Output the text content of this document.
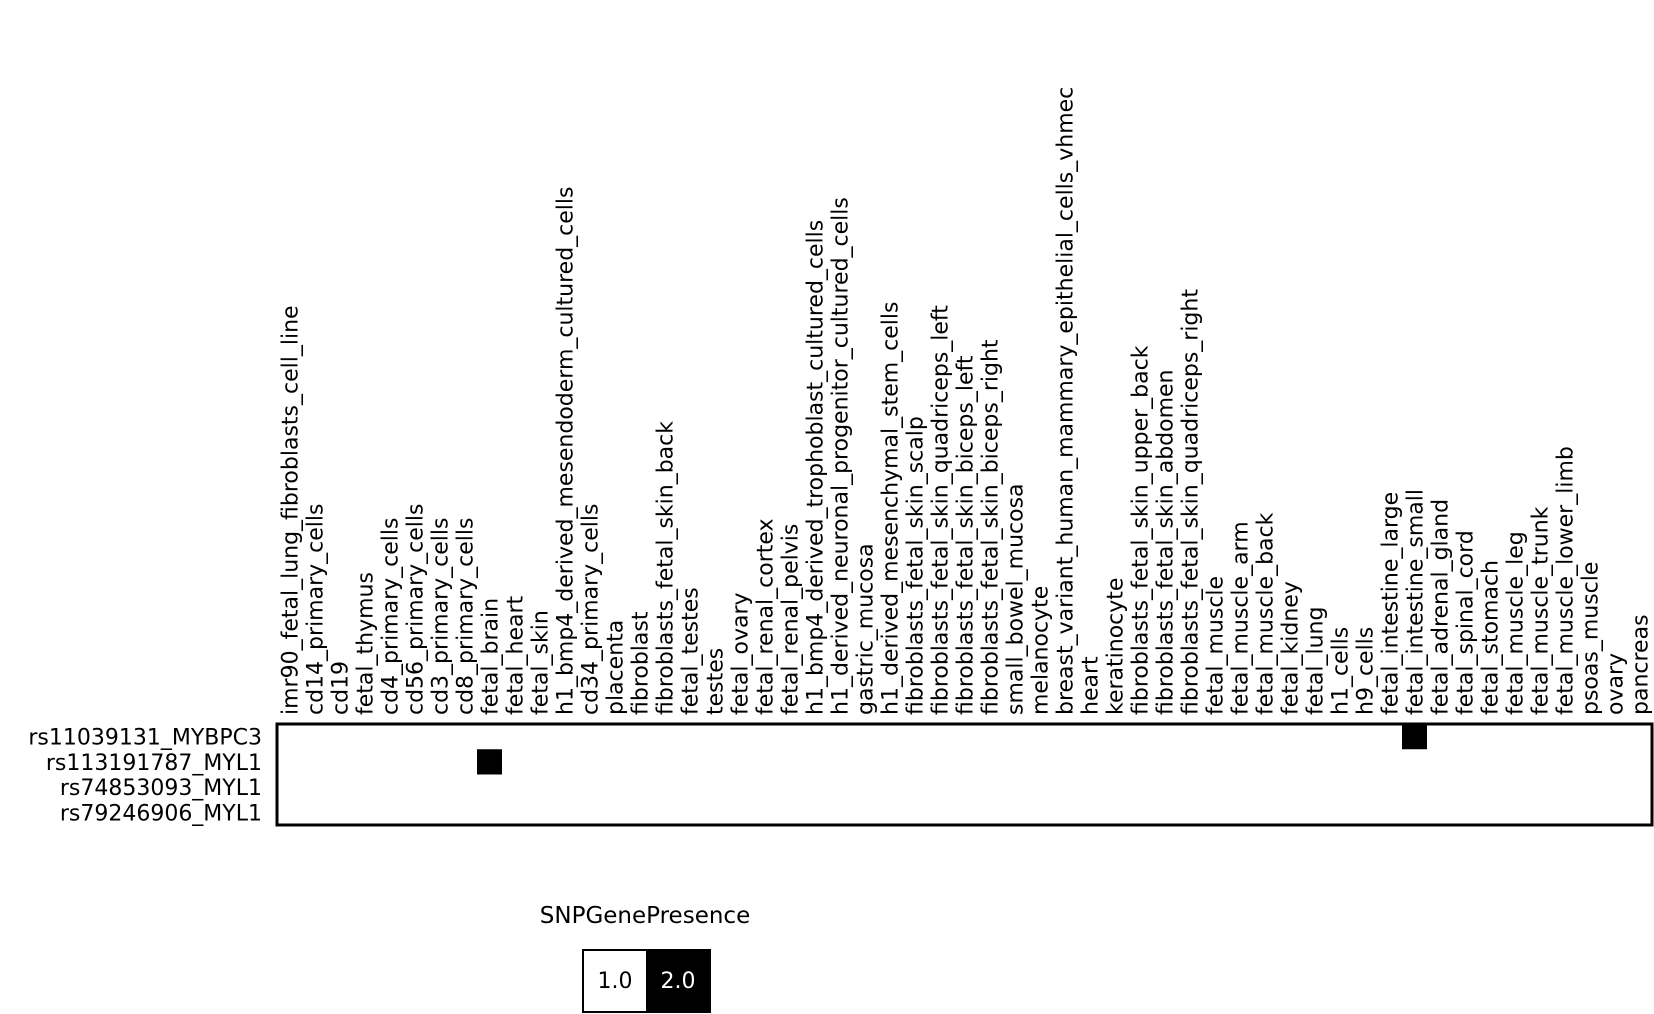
imr90_fetal_lung_fibroblasts_cell_line cd14_primary_cells cd19 fetal_thymus cd4_primary_cells cd56_primary_cells cd3_primary_cells cd8_primary_cells fetal_brain fetal_heart fetal_skin h1_bmp4_derived_mesendoderm_cultured_cells cd34_primary_cells placenta fibroblast fibroblasts_fetal_skin_back fetal_testes testes fetal_ovary fetal_renal_cortex fetal_renal_pelvis h1_bmp4_derived_trophoblast_cultured_cells h1_derived_neuronal_progenitor_cultured_cells gastric_mucosa h1_derived_mesenchymal_stem_cells fibroblasts_fetal_skin_scalp fibroblasts_fetal_skin_quadriceps_left fibroblasts_fetal_skin_biceps_left fibroblasts_fetal_skin_biceps_right small_bowel_mucosa melanocyte breast_variant_human_mammary_epithelial_cells_vhmec heart keratinocyte fibroblasts_fetal_skin_upper_back fibroblasts_fetal_skin_abdomen fibroblasts_fetal_skin_quadriceps_right fetal_muscle fetal_muscle_arm fetal_muscle_back fetal_kidney fetal_lung h1_cells h9_cells fetal_intestine_large fetal_intestine_small fetal_adrenal_gland fetal_spinal_cord fetal_stomach fetal_muscle_leg fetal_muscle_trunk fetal_muscle_lower_limb psoas_muscle ovary pancreas
rs11039131_MYBPC3
rs113191787_MYL1
rs74853093_MYL1
rs79246906_MYL1
SNPGenePresence
1.0	2.0
